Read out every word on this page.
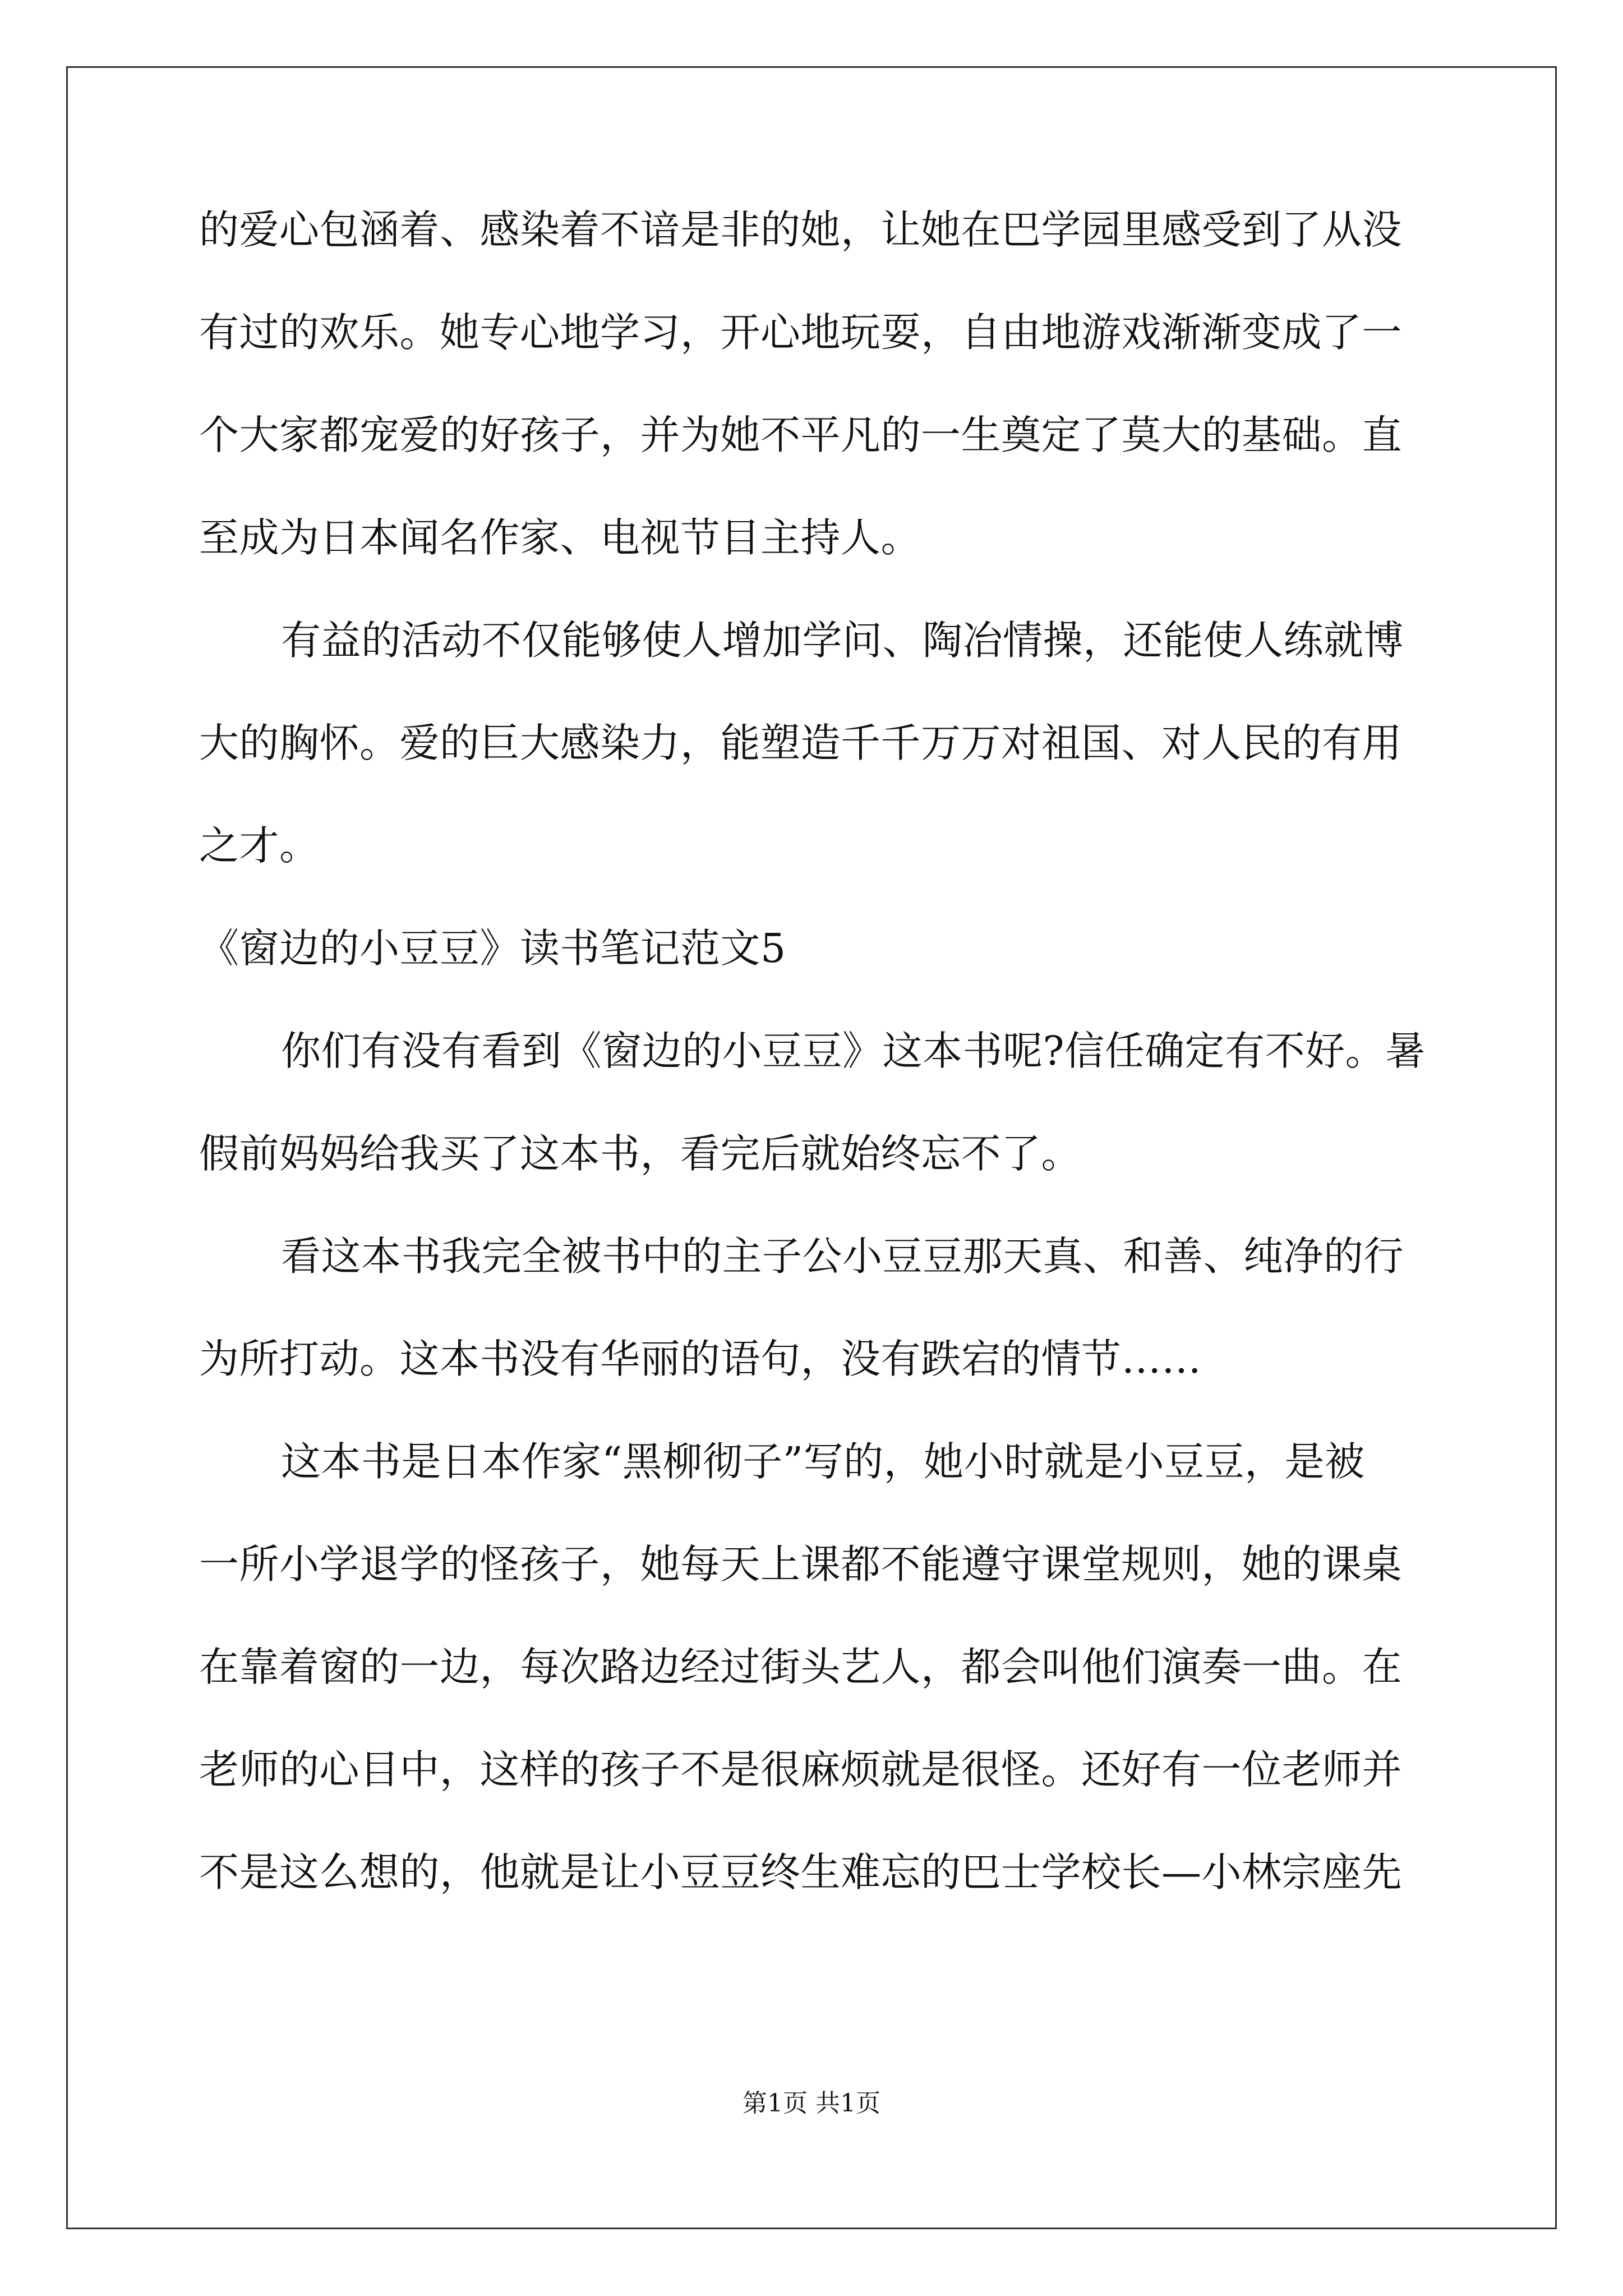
的爱心包涵着、感染着不谙是非的她，让她在巴学园里感受到了从没
有过的欢乐。她专心地学习，开心地玩耍，自由地游戏渐渐变成了一
个大家都宠爱的好孩子，并为她不平凡的一生奠定了莫大的基础。直
至成为日本闻名作家、电视节目主持人。
有益的活动不仅能够使人增加学问、陶冶情操，还能使人练就博
大的胸怀。爱的巨大感染力，能塑造千千万万对祖国、对人民的有用
之才。
《窗边的小豆豆》读书笔记范文5
你们有没有看到《窗边的小豆豆》这本书呢?信任确定有不好。暑
假前妈妈给我买了这本书，看完后就始终忘不了。
看这本书我完全被书中的主子公小豆豆那天真、和善、纯净的行
为所打动。这本书没有华丽的语句，没有跌宕的情节……
这本书是日本作家“黑柳彻子”写的，她小时就是小豆豆，是被
一所小学退学的怪孩子，她每天上课都不能遵守课堂规则，她的课桌
在靠着窗的一边，每次路边经过街头艺人，都会叫他们演奏一曲。在
老师的心目中，这样的孩子不是很麻烦就是很怪。还好有一位老师并
不是这么想的，他就是让小豆豆终生难忘的巴士学校长—小林宗座先
第1页 共1页
